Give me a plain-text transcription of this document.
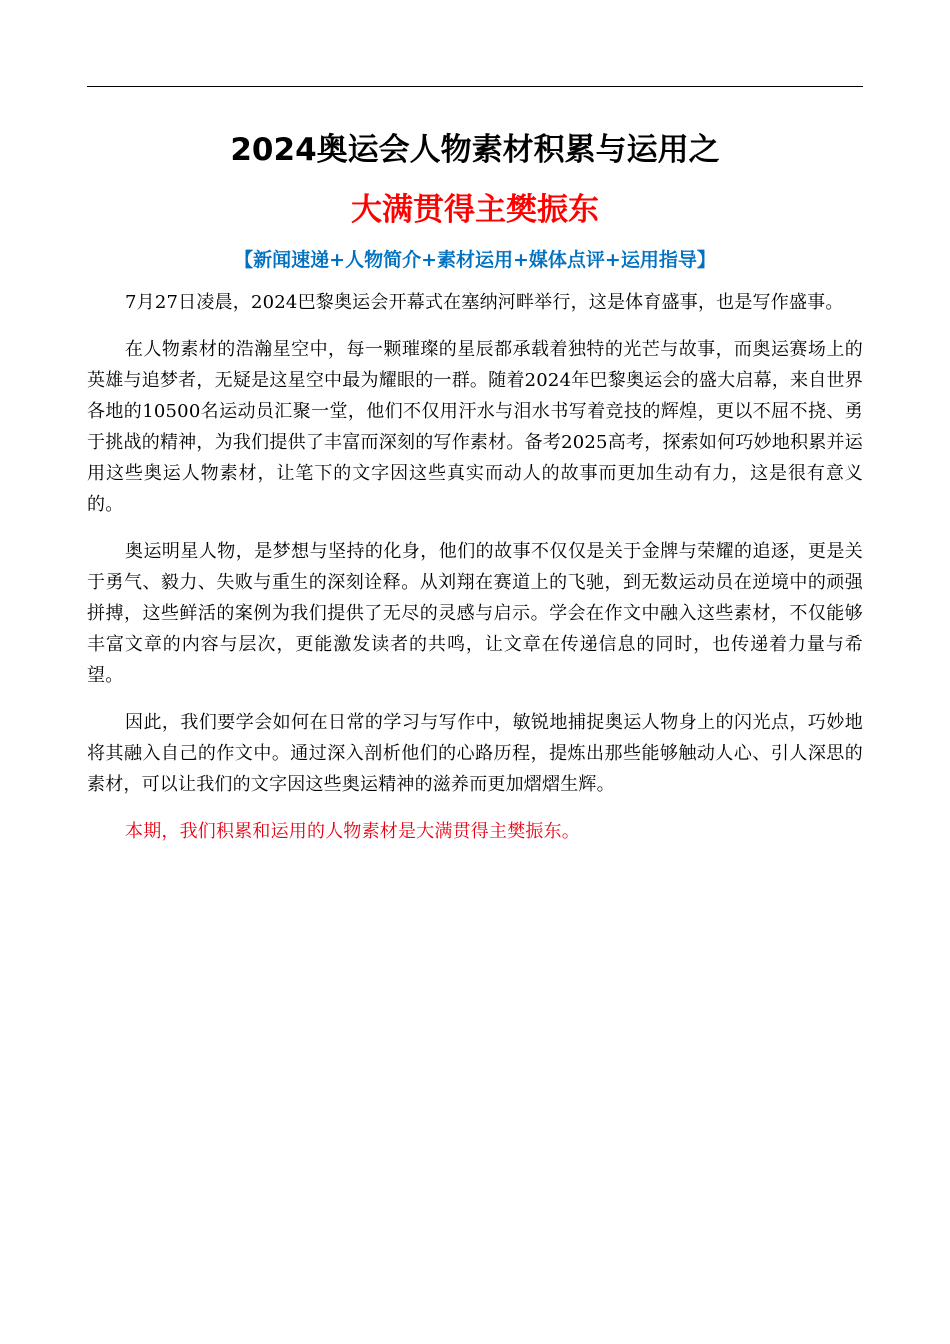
2024奥运会人物素材积累与运用之
大满贯得主樊振东
【新闻速递+人物简介+素材运用+媒体点评+运用指导】

7月27日凌晨，2024巴黎奥运会开幕式在塞纳河畔举行，这是体育盛事，也是写作盛事。

在人物素材的浩瀚星空中，每一颗璀璨的星辰都承载着独特的光芒与故事，而奥运赛场上的英雄与追梦者，无疑是这星空中最为耀眼的一群。随着2024年巴黎奥运会的盛大启幕，来自世界各地的10500名运动员汇聚一堂，他们不仅用汗水与泪水书写着竞技的辉煌，更以不屈不挠、勇于挑战的精神，为我们提供了丰富而深刻的写作素材。备考2025高考，探索如何巧妙地积累并运用这些奥运人物素材，让笔下的文字因这些真实而动人的故事而更加生动有力，这是很有意义的。

奥运明星人物，是梦想与坚持的化身，他们的故事不仅仅是关于金牌与荣耀的追逐，更是关于勇气、毅力、失败与重生的深刻诠释。从刘翔在赛道上的飞驰，到无数运动员在逆境中的顽强拼搏，这些鲜活的案例为我们提供了无尽的灵感与启示。学会在作文中融入这些素材，不仅能够丰富文章的内容与层次，更能激发读者的共鸣，让文章在传递信息的同时，也传递着力量与希望。

因此，我们要学会如何在日常的学习与写作中，敏锐地捕捉奥运人物身上的闪光点，巧妙地将其融入自己的作文中。通过深入剖析他们的心路历程，提炼出那些能够触动人心、引人深思的素材，可以让我们的文字因这些奥运精神的滋养而更加熠熠生辉。

本期，我们积累和运用的人物素材是大满贯得主樊振东。
